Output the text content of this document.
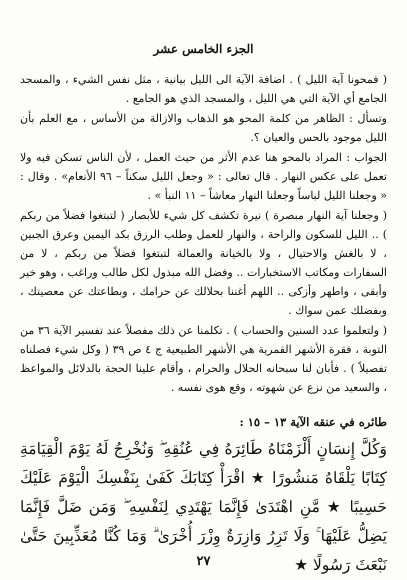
الجزء الخامس عشر

( فمحونا آية الليل ) . اضافة الآية الى الليل بيانية ، مثل نفس الشيء ، والمسجد الجامع أي الآية التي هي الليل ، والمسجد الذي هو الجامع .

وتسأل : الظاهر من كلمة المحو هو الذهاب والازالة من الأساس ، مع العلم بأن الليل موجود بالحس والعيان ؟.

الجواب : المراد بالمحو هنا عدم الأثر من حيث العمل ، لأن الناس تسكن فيه ولا تعمل على عكس النهار . قال تعالى : « وجعل الليل سكناً – ٩٦ الأنعام» . وقال : « وجعلنا الليل لباساً وجعلنا النهار معاشاً – ١١ النبأ » .

( وجعلنا آية النهار مبصرة ) نيرة تكشف كل شيء للأبصار ( لتبتغوا فضلاً من ربكم ) .. الليل للسكون والراحة ، والنهار للعمل وطلب الرزق بكد اليمين وعرق الجبين ، لا بالغش والاحتيال ، ولا بالخيانة والعمالة لتبتغوا فضلاً من ربكم ، لا من السفارات ومكاتب الاستخبارات .. وفضل الله مبذول لكل طالب وراغب ، وهو خير وأبقى ، واطهر وأزكى .. اللهم أغننا بحلالك عن حرامك ، وبطاعتك عن معصيتك ، وبفضلك عمن سواك .

( ولتعلموا عدد السنين والحساب ) . تكلمنا عن ذلك مفصلاً عند تفسير الآية ٣٦ من التوبة ، فقرة الأشهر القمرية هي الأشهر الطبيعية ج ٤ ص ٣٩ ( وكل شيء فصلناه تفصيلاً ) . فأبان لنا سبحانه الحلال والحرام ، وأقام علينا الحجة بالدلائل والمواعظ ، والسعيد من نزع عن شهوته ، وقع هوى نفسه .

طائره في عنقه الآية ١٣ – ١٥ :

وَكُلَّ إِنسَانٍ أَلْزَمْنَاهُ طَائِرَهُ فِي عُنُقِهِ ۖ وَنُخْرِجُ لَهُ يَوْمَ الْقِيَامَةِ كِتَابًا يَلْقَاهُ مَنشُورًا ★ اقْرَأْ كِتَابَكَ كَفَىٰ بِنَفْسِكَ الْيَوْمَ عَلَيْكَ حَسِيبًا ★ مَّنِ اهْتَدَىٰ فَإِنَّمَا يَهْتَدِي لِنَفْسِهِ ۖ وَمَن ضَلَّ فَإِنَّمَا يَضِلُّ عَلَيْهَا ۚ وَلَا تَزِرُ وَازِرَةٌ وِزْرَ أُخْرَىٰ ۗ وَمَا كُنَّا مُعَذِّبِينَ حَتَّىٰ نَبْعَثَ رَسُولًا ★

٢٧
